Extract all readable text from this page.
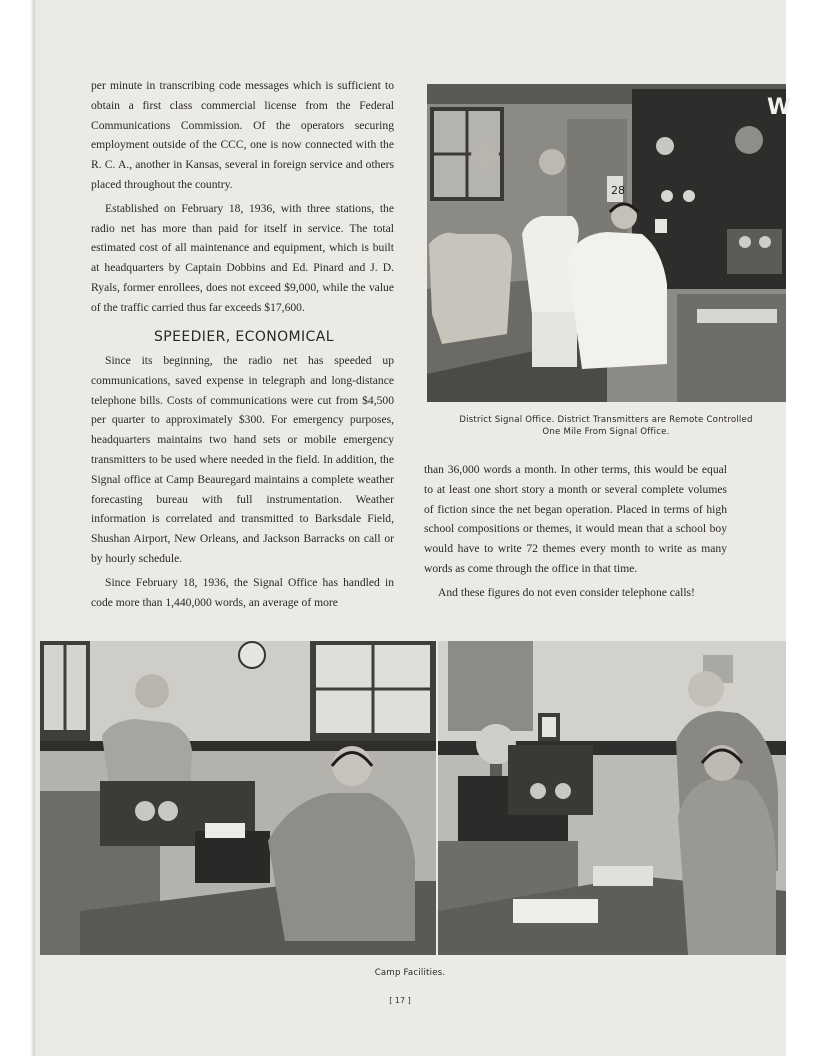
per minute in transcribing code messages which is sufficient to obtain a first class commercial license from the Federal Communications Commission. Of the operators securing employment outside of the CCC, one is now connected with the R. C. A., another in Kansas, several in foreign service and others placed throughout the country.

Established on February 18, 1936, with three stations, the radio net has more than paid for itself in service. The total estimated cost of all maintenance and equipment, which is built at headquarters by Captain Dobbins and Ed. Pinard and J. D. Ryals, former enrollees, does not exceed $9,000, while the value of the traffic carried thus far exceeds $17,600.

SPEEDIER, ECONOMICAL

Since its beginning, the radio net has speeded up communications, saved expense in telegraph and long-distance telephone bills. Costs of communications were cut from $4,500 per quarter to approximately $300. For emergency purposes, headquarters maintains two hand sets or mobile emergency transmitters to be used where needed in the field. In addition, the Signal office at Camp Beauregard maintains a complete weather forecasting bureau with full instrumentation. Weather information is correlated and transmitted to Barksdale Field, Shushan Airport, New Orleans, and Jackson Barracks on call or by hourly schedule.

Since February 18, 1936, the Signal Office has handled in code more than 1,440,000 words, an average of more

than 36,000 words a month. In other terms, this would be equal to at least one short story a month or several complete volumes of fiction since the net began operation. Placed in terms of high school compositions or themes, it would mean that a school boy would have to write 72 themes every month to write as many words as come through the office in that time.

And these figures do not even consider telephone calls!

28
W
District Signal Office. District Transmitters are Remote Controlled
One Mile From Signal Office.
Camp Facilities.
[ 17 ]
